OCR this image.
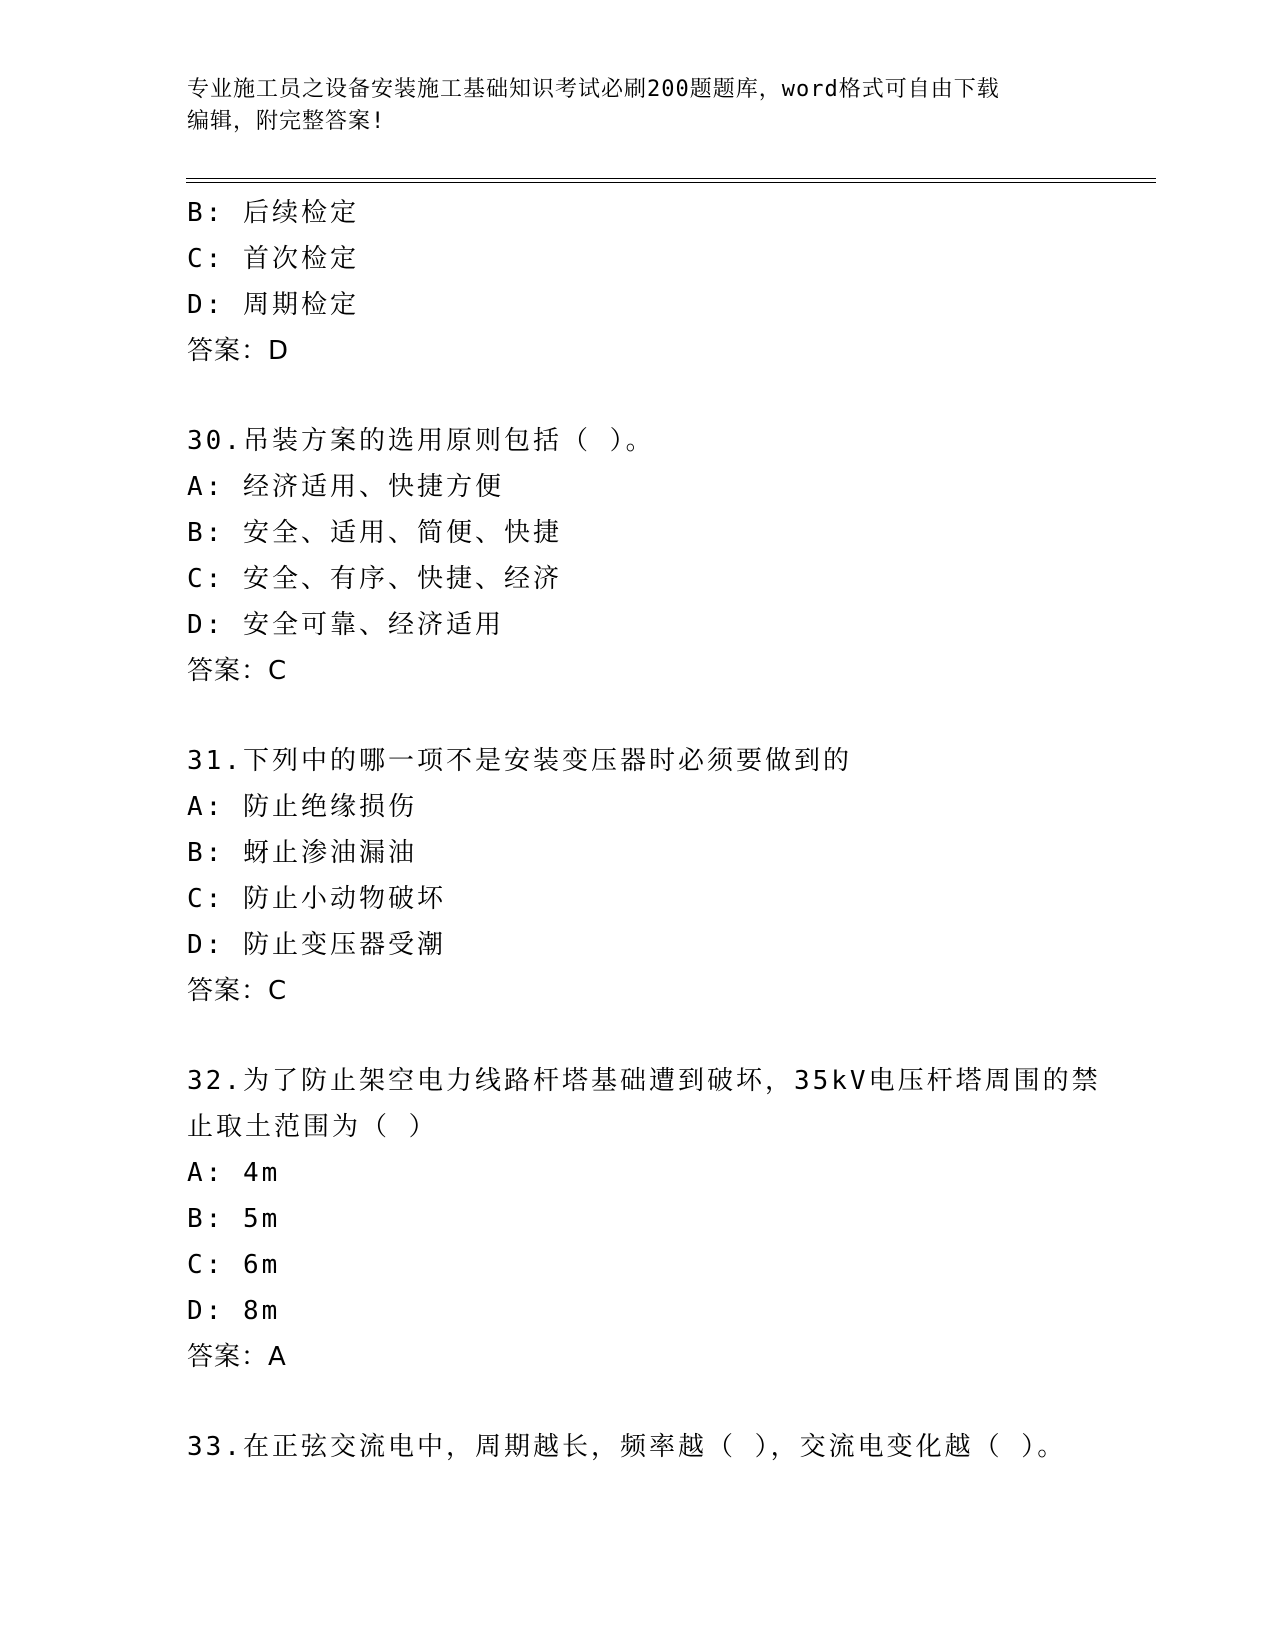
专业施工员之设备安装施工基础知识考试必刷200题题库，word格式可自由下载
编辑，附完整答案!
B: 后续检定
C: 首次检定
D: 周期检定
答案：D
30.吊装方案的选用原则包括（ ）。
A: 经济适用、快捷方便
B: 安全、适用、简便、快捷
C: 安全、有序、快捷、经济
D: 安全可靠、经济适用
答案：C
31.下列中的哪一项不是安装变压器时必须要做到的
A: 防止绝缘损伤
B: 蚜止渗油漏油
C: 防止小动物破坏
D: 防止变压器受潮
答案：C
32.为了防止架空电力线路杆塔基础遭到破坏，35kV电压杆塔周围的禁
止取土范围为（ ）
A: 4m
B: 5m
C: 6m
D: 8m
答案：A
33.在正弦交流电中，周期越长，频率越（ ），交流电变化越（ ）。
